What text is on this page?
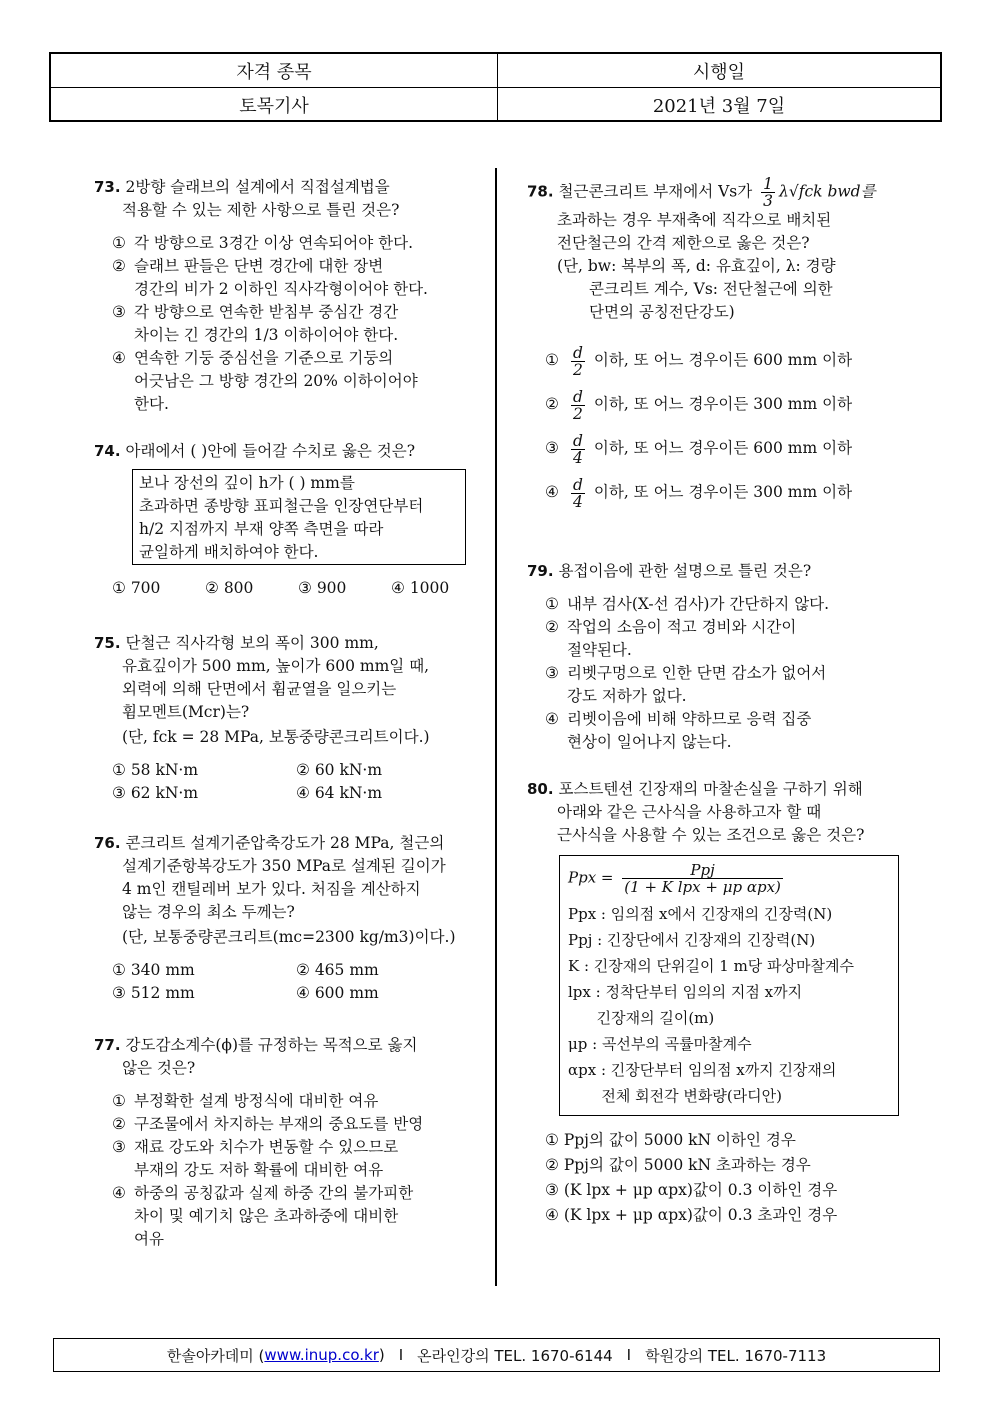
자격 종목	시행일
토목기사	2021년 3월 7일
73. 2방향 슬래브의 설계에서 직접설계법을
적용할 수 있는 제한 사항으로 틀린 것은?
① 각 방향으로 3경간 이상 연속되어야 한다.
② 슬래브 판들은 단변 경간에 대한 장변
경간의 비가 2 이하인 직사각형이어야 한다.
③ 각 방향으로 연속한 받침부 중심간 경간
차이는 긴 경간의 1/3 이하이어야 한다.
④ 연속한 기둥 중심선을 기준으로 기둥의
어긋남은 그 방향 경간의 20% 이하이어야
한다.
74. 아래에서 ( )안에 들어갈 수치로 옳은 것은?
보나 장선의 깊이 h가 ( ) mm를
초과하면 종방향 표피철근을 인장연단부터
h/2 지점까지 부재 양쪽 측면을 따라
균일하게 배치하여야 한다.
① 700	② 800	③ 900	④ 1000
75. 단철근 직사각형 보의 폭이 300 mm,
유효깊이가 500 mm, 높이가 600 mm일 때,
외력에 의해 단면에서 휨균열을 일으키는
휨모멘트(Mcr)는?
(단, fck = 28 MPa, 보통중량콘크리트이다.)
① 58 kN·m	② 60 kN·m
③ 62 kN·m	④ 64 kN·m
76. 콘크리트 설계기준압축강도가 28 MPa, 철근의
설계기준항복강도가 350 MPa로 설계된 길이가
4 m인 캔틸레버 보가 있다. 처짐을 계산하지
않는 경우의 최소 두께는?
(단, 보통중량콘크리트(mc=2300 kg/m3)이다.)
① 340 mm	② 465 mm
③ 512 mm	④ 600 mm
77. 강도감소계수(ϕ)를 규정하는 목적으로 옳지
않은 것은?
① 부정확한 설계 방정식에 대비한 여유
② 구조물에서 차지하는 부재의 중요도를 반영
③ 재료 강도와 치수가 변동할 수 있으므로
부재의 강도 저하 확률에 대비한 여유
④ 하중의 공칭값과 실제 하중 간의 불가피한
차이 및 예기치 않은 초과하중에 대비한
여유
78. 철근콘크리트 부재에서 Vs가 $\frac{1}{3} \lambda√fck$ bwd를
초과하는 경우 부재축에 직각으로 배치된
전단철근의 간격 제한으로 옳은 것은?
(단, bw: 복부의 폭, d: 유효깊이, λ: 경량
콘크리트 계수, Vs: 전단철근에 의한
단면의 공칭전단강도)
① $\frac{d}{2}$ 이하, 또 어느 경우이든 600 mm 이하
② $\frac{d}{2}$ 이하, 또 어느 경우이든 300 mm 이하
③ $\frac{d}{4}$ 이하, 또 어느 경우이든 600 mm 이하
④ $\frac{d}{4}$ 이하, 또 어느 경우이든 300 mm 이하
79. 용접이음에 관한 설명으로 틀린 것은?
① 내부 검사(X-선 검사)가 간단하지 않다.
② 작업의 소음이 적고 경비와 시간이
절약된다.
③ 리벳구멍으로 인한 단면 감소가 없어서
강도 저하가 없다.
④ 리벳이음에 비해 약하므로 응력 집중
현상이 일어나지 않는다.
80. 포스트텐션 긴장재의 마찰손실을 구하기 위해
아래와 같은 근사식을 사용하고자 할 때
근사식을 사용할 수 있는 조건으로 옳은 것은?
Ppx = $\frac{\text{Ppj}}{\text{(1 + K lpx + μp αpx)}}$
Ppx : 임의점 x에서 긴장재의 긴장력(N)
Ppj : 긴장단에서 긴장재의 긴장력(N)
K : 긴장재의 단위길이 1 m당 파상마찰계수
lpx : 정착단부터 임의의 지점 x까지
긴장재의 길이(m)
μp : 곡선부의 곡률마찰계수
αpx : 긴장단부터 임의점 x까지 긴장재의
전체 회전각 변화량(라디안)
① Ppj의 값이 5000 kN 이하인 경우
② Ppj의 값이 5000 kN 초과하는 경우
③ (K lpx + μp αpx)값이 0.3 이하인 경우
④ (K lpx + μp αpx)값이 0.3 초과인 경우
한솔아카데미 ( www.inup.co.kr ) I 온라인강의 TEL. 1670-6144 I 학원강의 TEL. 1670-7113
